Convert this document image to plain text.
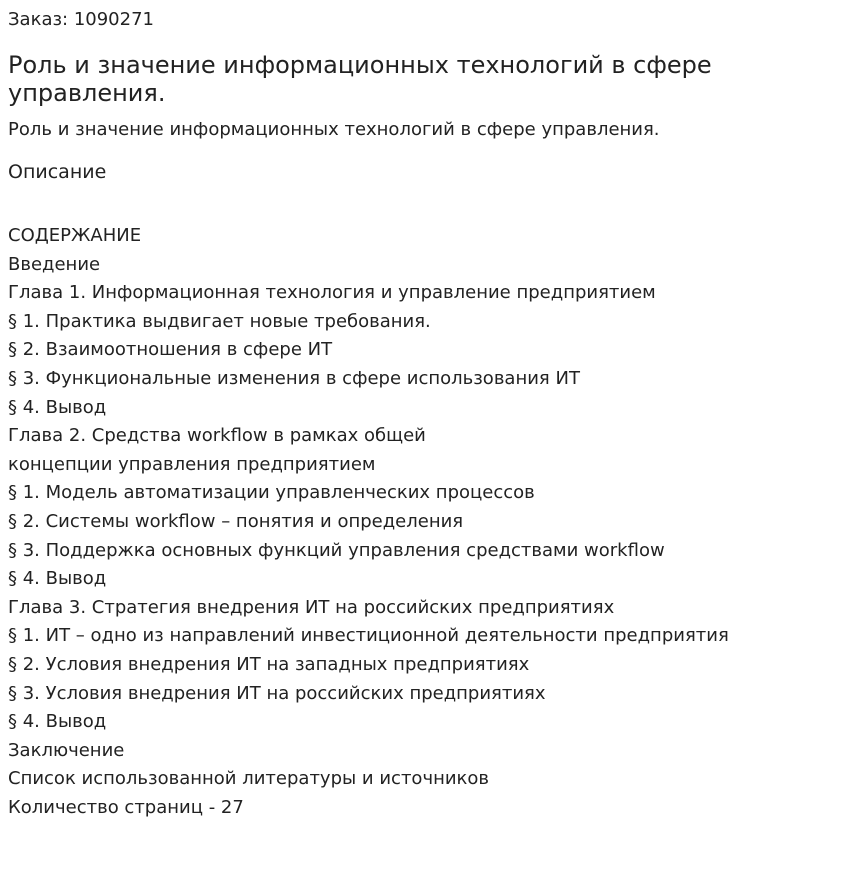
Заказ: 1090271
Роль и значение информационных технологий в сфере управления.
Роль и значение информационных технологий в сфере управления.
Описание
СОДЕРЖАНИЕ
Введение
Глава 1. Информационная технология и управление предприятием
§ 1. Практика выдвигает новые требования.
§ 2. Взаимоотношения в сфере ИТ
§ 3. Функциональные изменения в сфере использования ИТ
§ 4. Вывод
Глава 2. Средства workflow в рамках общей
концепции управления предприятием
§ 1. Модель автоматизации управленческих процессов
§ 2. Системы workflow – понятия и определения
§ 3. Поддержка основных функций управления средствами workflow
§ 4. Вывод
Глава 3. Стратегия внедрения ИТ на российских предприятиях
§ 1. ИТ – одно из направлений инвестиционной деятельности предприятия
§ 2. Условия внедрения ИТ на западных предприятиях
§ 3. Условия внедрения ИТ на российских предприятиях
§ 4. Вывод
Заключение
Список использованной литературы и источников
Количество страниц - 27
